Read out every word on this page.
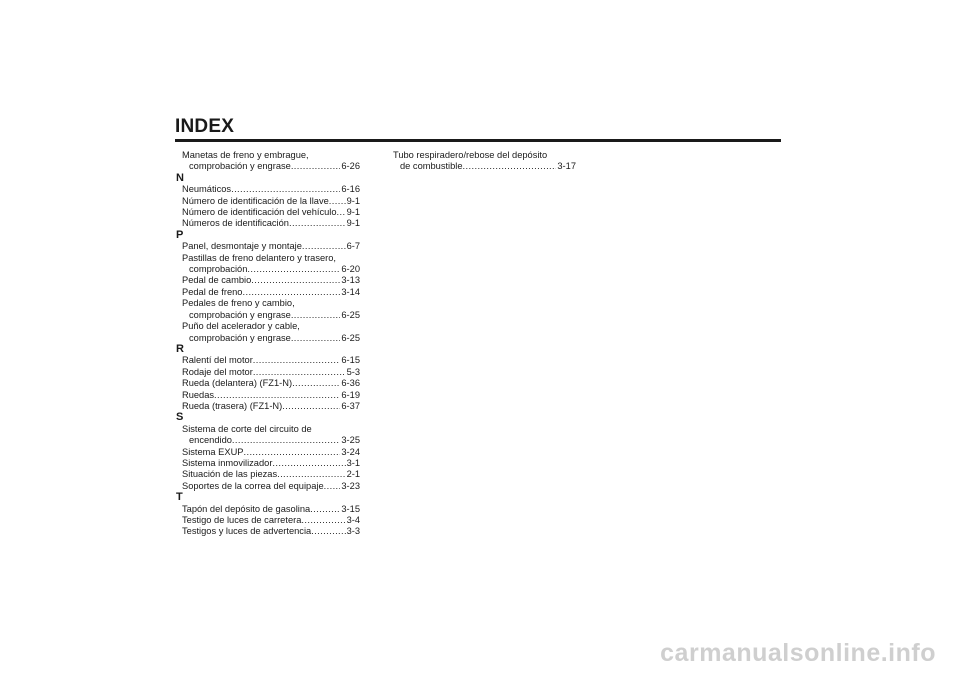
INDEX
Manetas de freno y embrague,
comprobación y engrase .....	6-26
N
Neumáticos .....	6-16
Número de identificación de la llave ..... 9-1
Número de identificación del vehículo ..... 9-1
Números de identificación .....	9-1
P
Panel, desmontaje y montaje .....	6-7
Pastillas de freno delantero y trasero,
comprobación .....	6-20
Pedal de cambio .....	3-13
Pedal de freno .....	3-14
Pedales de freno y cambio,
comprobación y engrase .....	6-25
Puño del acelerador y cable,
comprobación y engrase .....	6-25
R
Ralentí del motor .....	6-15
Rodaje del motor .....	5-3
Rueda (delantera) (FZ1-N) .....	6-36
Ruedas .....	6-19
Rueda (trasera) (FZ1-N) .....	6-37
S
Sistema de corte del circuito de
encendido .....	3-25
Sistema EXUP .....	3-24
Sistema inmovilizador .....	3-1
Situación de las piezas .....	2-1
Soportes de la correa del equipaje ..... 3-23
T
Tapón del depósito de gasolina .....	3-15
Testigo de luces de carretera .....	3-4
Testigos y luces de advertencia .....	3-3
Tubo respiradero/rebose del depósito
de combustible .....	3-17
carmanualsonline.info
